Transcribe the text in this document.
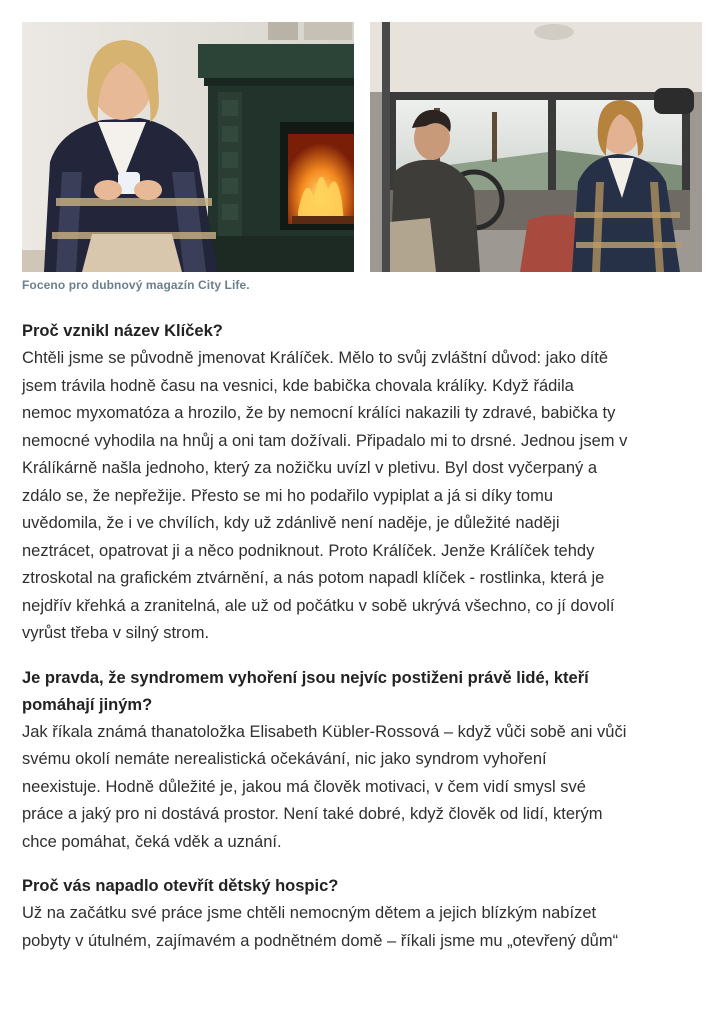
Foceno pro dubnový magazín City Life.
Proč vznikl název Klíček?
Chtěli jsme se původně jmenovat Králíček. Mělo to svůj zvláštní důvod: jako dítě
jsem trávila hodně času na vesnici, kde babička chovala králíky. Když řádila
nemoc myxomatóza a hrozilo, že by nemocní králíci nakazili ty zdravé, babička ty
nemocné vyhodila na hnůj a oni tam dožívali. Připadalo mi to drsné. Jednou jsem v
Králíkárně našla jednoho, který za nožičku uvízl v pletivu. Byl dost vyčerpaný a
zdálo se, že nepřežije. Přesto se mi ho podařilo vypiplat a já si díky tomu
uvědomila, že i ve chvílích, kdy už zdánlivě není naděje, je důležité naději
neztrácet, opatrovat ji a něco podniknout. Proto Králíček. Jenže Králíček tehdy
ztroskotal na grafickém ztvárnění, a nás potom napadl klíček - rostlinka, která je
nejdřív křehká a zranitelná, ale už od počátku v sobě ukrývá všechno, co jí dovolí
vyrůst třeba v silný strom.
Je pravda, že syndromem vyhoření jsou nejvíc postiženi právě lidé, kteří
pomáhají jiným?
Jak říkala známá thanatoložka Elisabeth Kübler-Rossová – když vůči sobě ani vůči
svému okolí nemáte nerealistická očekávání, nic jako syndrom vyhoření
neexistuje. Hodně důležité je, jakou má člověk motivaci, v čem vidí smysl své
práce a jaký pro ni dostává prostor. Není také dobré, když člověk od lidí, kterým
chce pomáhat, čeká vděk a uznání.
Proč vás napadlo otevřít dětský hospic?
Už na začátku své práce jsme chtěli nemocným dětem a jejich blízkým nabízet
pobyty v útulném, zajímavém a podnětném domě – říkali jsme mu „otevřený dům“
